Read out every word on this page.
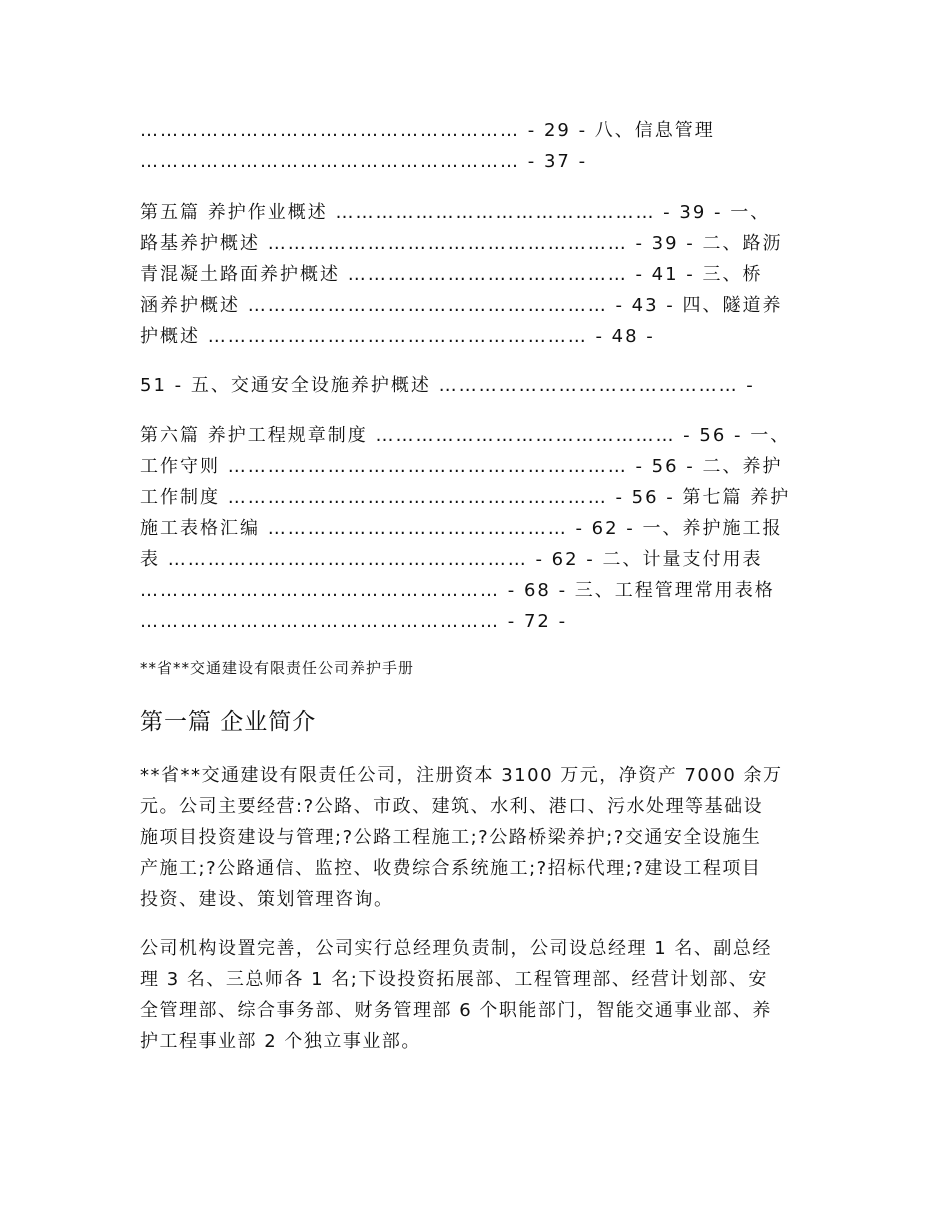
………………………………………………… - 29 - 八、信息管理
………………………………………………… - 37 -
第五篇 养护作业概述 ………………………………………… - 39 - 一、
路基养护概述 ……………………………………………… - 39 - 二、路沥
青混凝土路面养护概述 …………………………………… - 41 - 三、桥
涵养护概述 ……………………………………………… - 43 - 四、隧道养
护概述 ………………………………………………… - 48 -
51 - 五、交通安全设施养护概述 ……………………………………… -
第六篇 养护工程规章制度 ……………………………………… - 56 - 一、
工作守则 …………………………………………………… - 56 - 二、养护
工作制度 ………………………………………………… - 56 - 第七篇 养护
施工表格汇编 ……………………………………… - 62 - 一、养护施工报
表 ……………………………………………… - 62 - 二、计量支付用表
……………………………………………… - 68 - 三、工程管理常用表格
……………………………………………… - 72 -
**省**交通建设有限责任公司养护手册
第一篇 企业简介
**省**交通建设有限责任公司，注册资本 3100 万元，净资产 7000 余万
元。公司主要经营:?公路、市政、建筑、水利、港口、污水处理等基础设
施项目投资建设与管理;?公路工程施工;?公路桥梁养护;?交通安全设施生
产施工;?公路通信、监控、收费综合系统施工;?招标代理;?建设工程项目
投资、建设、策划管理咨询。
公司机构设置完善，公司实行总经理负责制，公司设总经理 1 名、副总经
理 3 名、三总师各 1 名;下设投资拓展部、工程管理部、经营计划部、安
全管理部、综合事务部、财务管理部 6 个职能部门，智能交通事业部、养
护工程事业部 2 个独立事业部。
